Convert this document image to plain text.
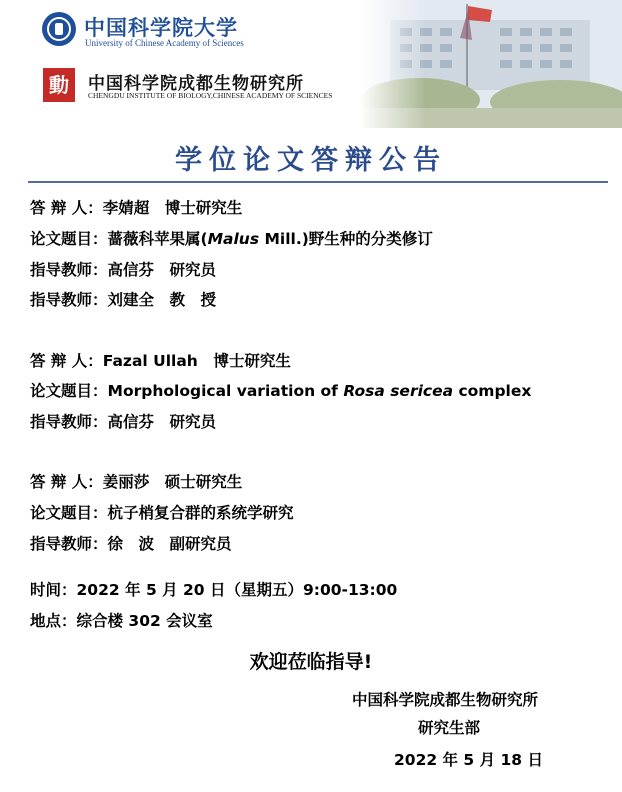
中国科学院大学
University of Chinese Academy of Sciences
動	中国科学院成都生物研究所
CHENGDU INSTITUTE OF BIOLOGY,CHINESE ACADEMY OF SCIENCES
学位论文答辩公告
答 辩 人：李婧超　博士研究生
论文题目：蔷薇科苹果属(Malus Mill.)野生种的分类修订
指导教师：高信芬　研究员
指导教师：刘建全　教　授
答 辩 人：Fazal Ullah　博士研究生
论文题目：Morphological variation of Rosa sericea complex
指导教师：高信芬　研究员
答 辩 人：姜丽莎　硕士研究生
论文题目：杭子梢复合群的系统学研究
指导教师：徐　波　副研究员
时间：2022 年 5 月 20 日（星期五）9:00-13:00
地点：综合楼 302 会议室
欢迎莅临指导!
中国科学院成都生物研究所
研究生部
2022 年 5 月 18 日
